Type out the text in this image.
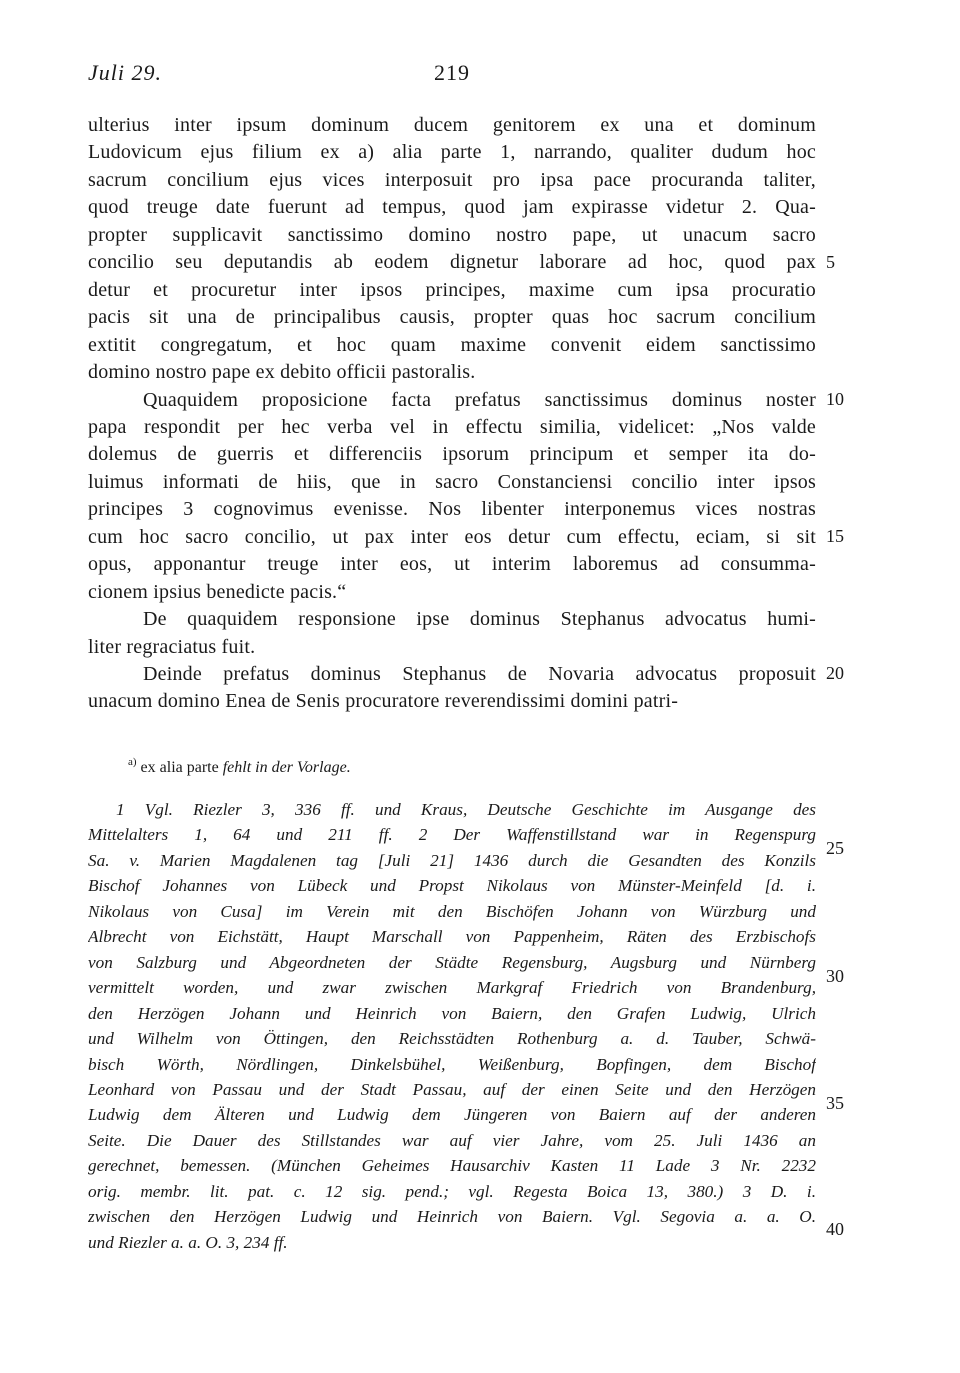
Juli 29.	219
ulterius inter ipsum dominum ducem genitorem ex una et dominum
Ludovicum ejus filium ex a) alia parte 1, narrando, qualiter dudum hoc
sacrum concilium ejus vices interposuit pro ipsa pace procuranda taliter,
quod treuge date fuerunt ad tempus, quod jam expirasse videtur 2. Qua-
propter supplicavit sanctissimo domino nostro pape, ut unacum sacro
concilio seu deputandis ab eodem dignetur laborare ad hoc, quod pax
detur et procuretur inter ipsos principes, maxime cum ipsa procuratio
pacis sit una de principalibus causis, propter quas hoc sacrum concilium
extitit congregatum, et hoc quam maxime convenit eidem sanctissimo
domino nostro pape ex debito officii pastoralis.
Quaquidem proposicione facta prefatus sanctissimus dominus noster
papa respondit per hec verba vel in effectu similia, videlicet: „Nos valde
dolemus de guerris et differenciis ipsorum principum et semper ita do-
luimus informati de hiis, que in sacro Constanciensi concilio inter ipsos
principes 3 cognovimus evenisse. Nos libenter interponemus vices nostras
cum hoc sacro concilio, ut pax inter eos detur cum effectu, eciam, si sit
opus, apponantur treuge inter eos, ut interim laboremus ad consumma-
cionem ipsius benedicte pacis.“
De quaquidem responsione ipse dominus Stephanus advocatus humi-
liter regraciatus fuit.
Deinde prefatus dominus Stephanus de Novaria advocatus proposuit
unacum domino Enea de Senis procuratore reverendissimi domini patri-
5
10
15
20
25
30
35
40
$^{a)}$ ex alia parte fehlt in der Vorlage.
1 Vgl. Riezler 3, 336 ff. und Kraus, Deutsche Geschichte im Ausgange des
Mittelalters 1, 64 und 211 ff. 2 Der Waffenstillstand war in Regenspurg
Sa. v. Marien Magdalenen tag [Juli 21] 1436 durch die Gesandten des Konzils
Bischof Johannes von Lübeck und Propst Nikolaus von Münster-Meinfeld [d. i.
Nikolaus von Cusa] im Verein mit den Bischöfen Johann von Würzburg und
Albrecht von Eichstätt, Haupt Marschall von Pappenheim, Räten des Erzbischofs
von Salzburg und Abgeordneten der Städte Regensburg, Augsburg und Nürnberg
vermittelt worden, und zwar zwischen Markgraf Friedrich von Brandenburg,
den Herzögen Johann und Heinrich von Baiern, den Grafen Ludwig, Ulrich
und Wilhelm von Öttingen, den Reichsstädten Rothenburg a. d. Tauber, Schwä-
bisch Wörth, Nördlingen, Dinkelsbühel, Weißenburg, Bopfingen, dem Bischof
Leonhard von Passau und der Stadt Passau, auf der einen Seite und den Herzögen
Ludwig dem Älteren und Ludwig dem Jüngeren von Baiern auf der anderen
Seite. Die Dauer des Stillstandes war auf vier Jahre, vom 25. Juli 1436 an
gerechnet, bemessen. (München Geheimes Hausarchiv Kasten 11 Lade 3 Nr. 2232
orig. membr. lit. pat. c. 12 sig. pend.; vgl. Regesta Boica 13, 380.) 3 D. i.
zwischen den Herzögen Ludwig und Heinrich von Baiern. Vgl. Segovia a. a. O.
und Riezler a. a. O. 3, 234 ff.
